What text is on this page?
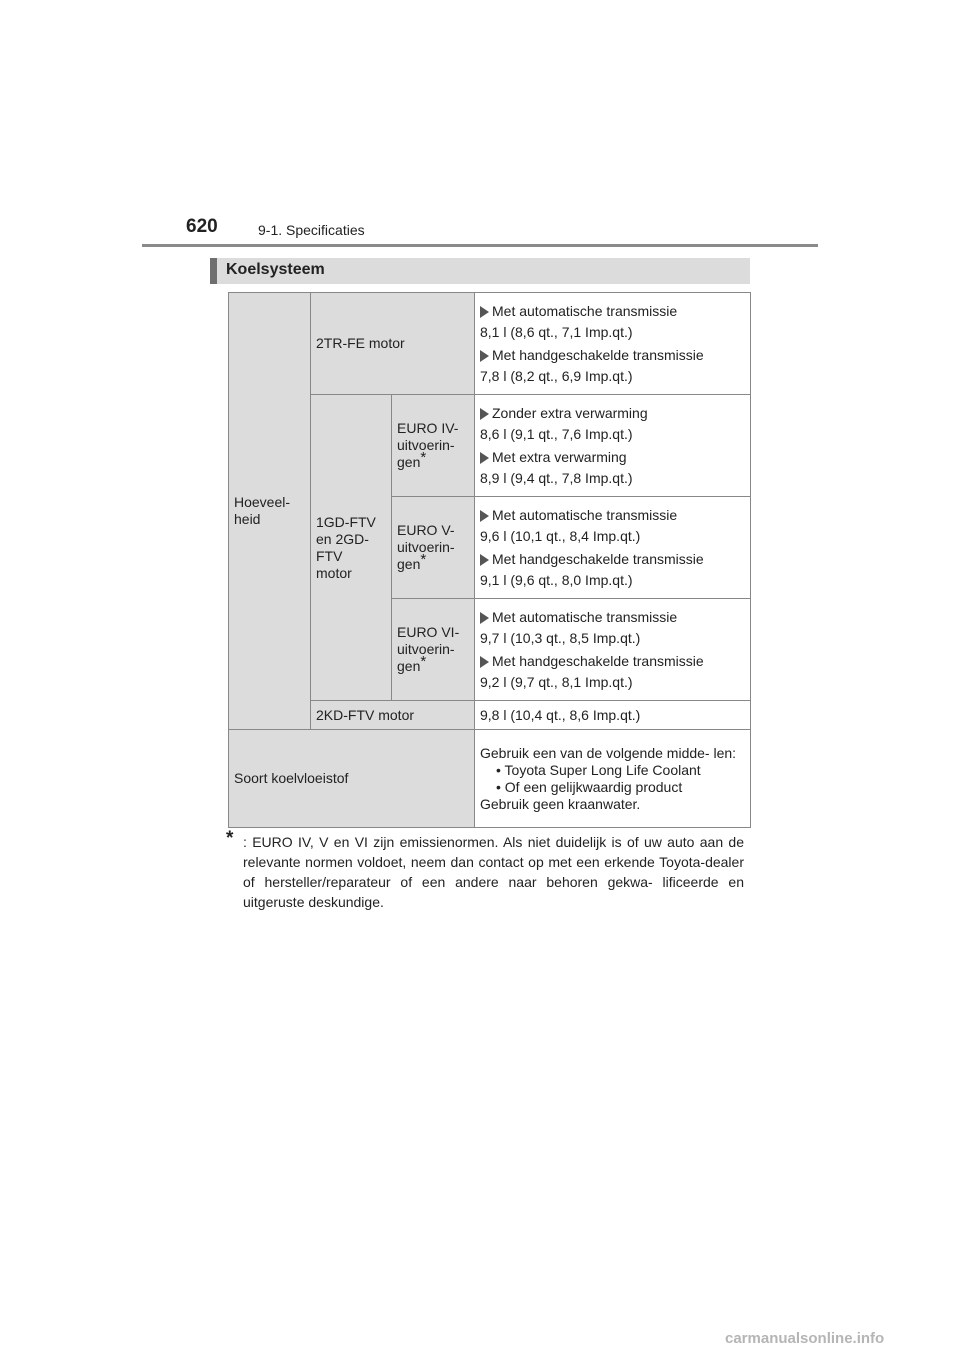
620	9-1. Specificaties
Koelsysteem
Hoeveel- heid	2TR-FE motor		Met automatische transmissie
8,1 l (8,6 qt., 7,1 Imp.qt.)
Met handgeschakelde transmissie
7,8 l (8,2 qt., 6,9 Imp.qt.)

	1GD-FTV en 2GD-FTV motor	EURO IV- uitvoerin- gen*	Zonder extra verwarming
8,6 l (9,1 qt., 7,6 Imp.qt.)
Met extra verwarming
8,9 l (9,4 qt., 7,8 Imp.qt.)

		EURO V- uitvoerin- gen*	Met automatische transmissie
9,6 l (10,1 qt., 8,4 Imp.qt.)
Met handgeschakelde transmissie
9,1 l (9,6 qt., 8,0 Imp.qt.)

		EURO VI- uitvoerin- gen*	Met automatische transmissie
9,7 l (10,3 qt., 8,5 Imp.qt.)
Met handgeschakelde transmissie
9,2 l (9,7 qt., 8,1 Imp.qt.)

	2KD-FTV motor		9,8 l (10,4 qt., 8,6 Imp.qt.)
Soort koelvloeistof			Gebruik een van de volgende midde- len:
• Toyota Super Long Life Coolant
• Of een gelijkwaardig product
Gebruik geen kraanwater.
* : EURO IV, V en VI zijn emissienormen. Als niet duidelijk is of uw auto aan de relevante normen voldoet, neem dan contact op met een erkende Toyota-dealer of hersteller/reparateur of een andere naar behoren gekwa- lificeerde en uitgeruste deskundige.
carmanualsonline.info
